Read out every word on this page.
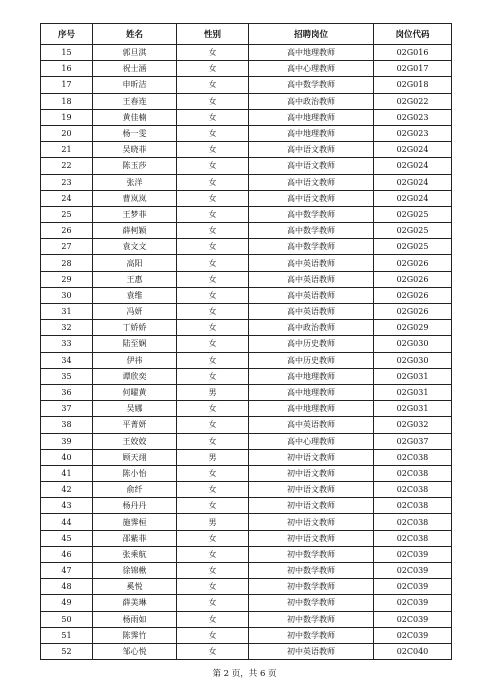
序号	姓名	性别	招聘岗位	岗位代码
15	郭旦淇	女	高中地理教师	02G016
16	祝士涵	女	高中心理教师	02G017
17	申昕洁	女	高中数学教师	02G018
18	王春连	女	高中政治教师	02G022
19	黄佳楠	女	高中地理教师	02G023
20	杨一雯	女	高中地理教师	02G023
21	吴晓菲	女	高中语文教师	02G024
22	陈玉莎	女	高中语文教师	02G024
23	张洋	女	高中语文教师	02G024
24	曹岚岚	女	高中语文教师	02G024
25	王梦菲	女	高中数学教师	02G025
26	薛柯颖	女	高中数学教师	02G025
27	袁文文	女	高中数学教师	02G025
28	高阳	女	高中英语教师	02G026
29	王惠	女	高中英语教师	02G026
30	袁维	女	高中英语教师	02G026
31	冯妍	女	高中英语教师	02G026
32	丁娇娇	女	高中政治教师	02G029
33	陆至娴	女	高中历史教师	02G030
34	伊祎	女	高中历史教师	02G030
35	谭欣奕	女	高中地理教师	02G031
36	何曜黄	男	高中地理教师	02G031
37	吴娜	女	高中地理教师	02G031
38	平菁妍	女	高中英语教师	02G032
39	王姣姣	女	高中心理教师	02G037
40	顾天翊	男	初中语文教师	02C038
41	陈小怡	女	初中语文教师	02C038
42	俞纤	女	初中语文教师	02C038
43	杨丹丹	女	初中语文教师	02C038
44	施霁桓	男	初中语文教师	02C038
45	邵紫菲	女	初中语文教师	02C038
46	张乘航	女	初中数学教师	02C039
47	徐锦楸	女	初中数学教师	02C039
48	奚悦	女	初中数学教师	02C039
49	薛美琳	女	初中数学教师	02C039
50	杨雨如	女	初中数学教师	02C039
51	陈霁竹	女	初中数学教师	02C039
52	邹心悦	女	初中英语教师	02C040
第 2 页，共 6 页
